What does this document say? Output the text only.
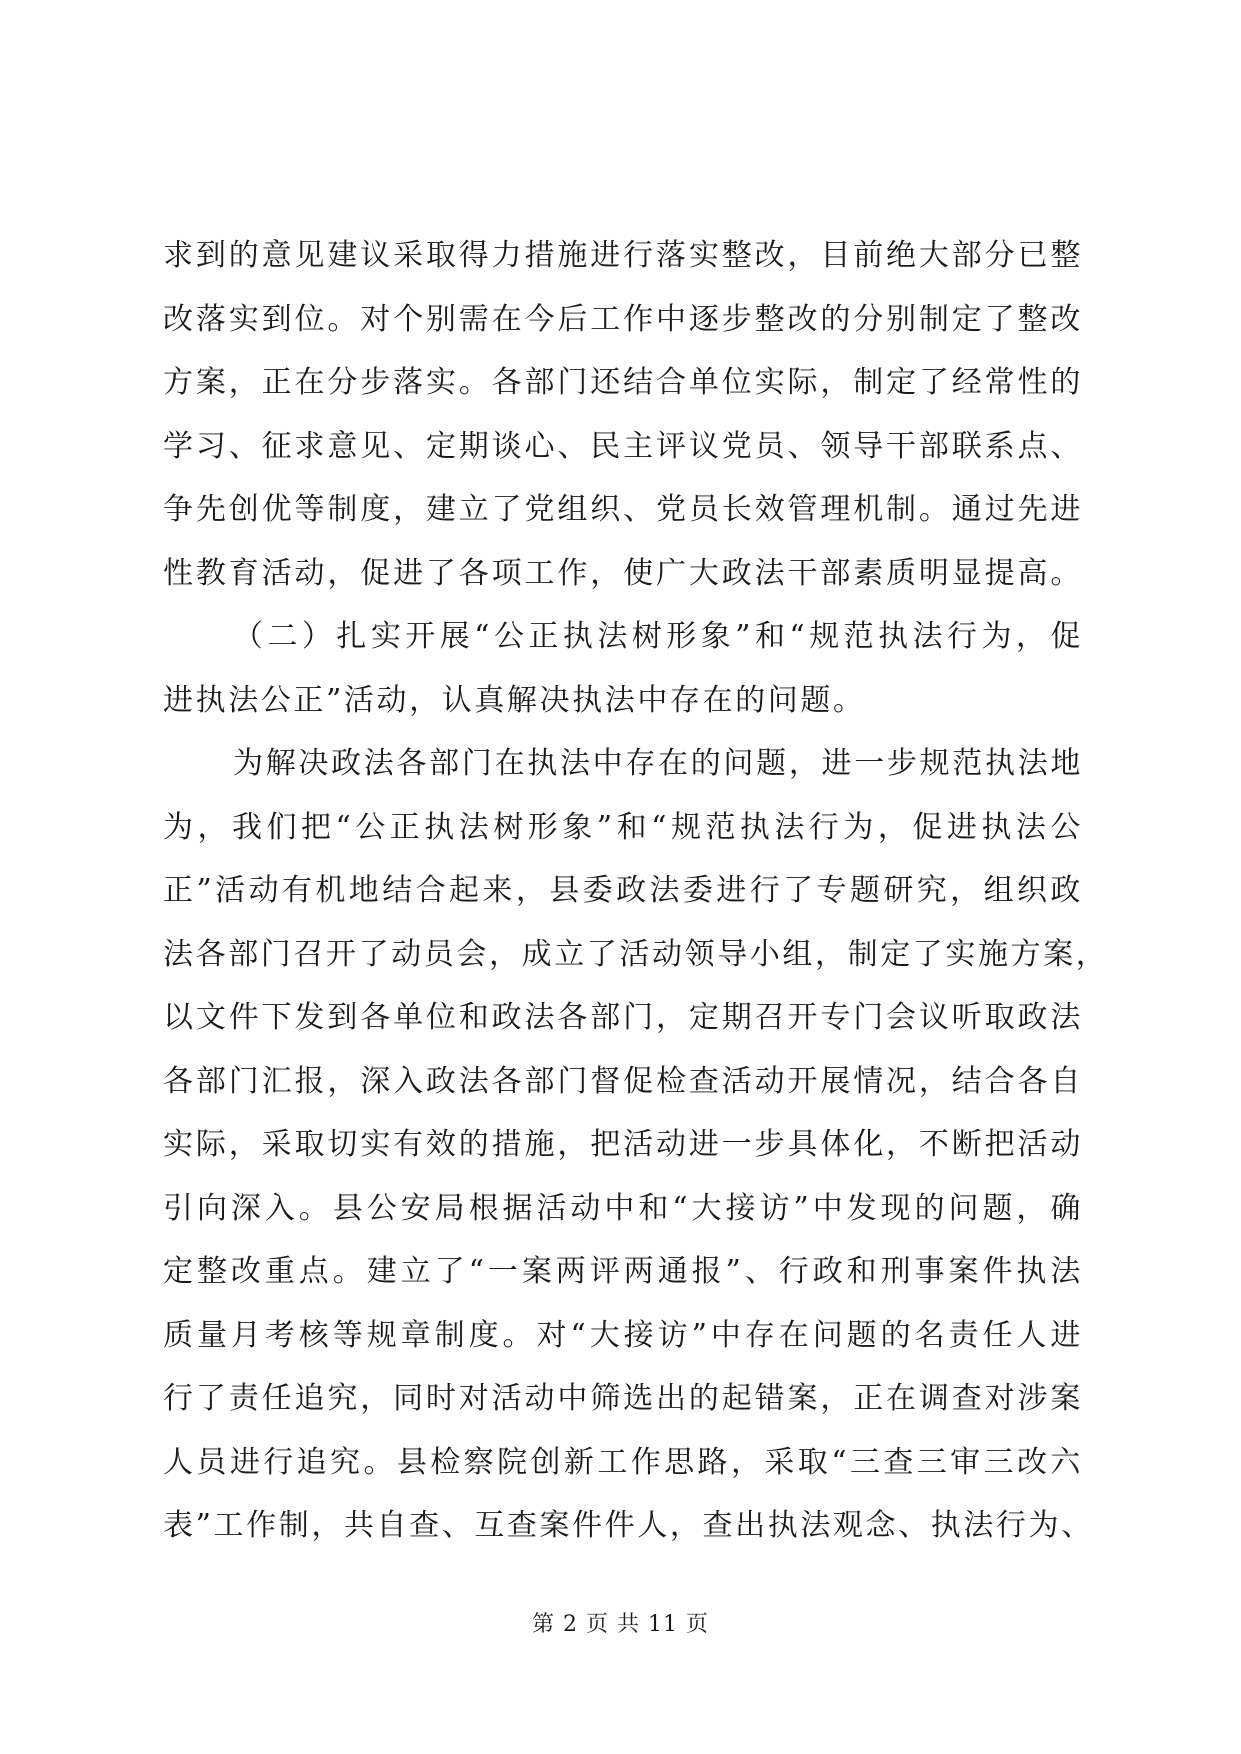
求到的意见建议采取得力措施进行落实整改，目前绝大部分已整
改落实到位。对个别需在今后工作中逐步整改的分别制定了整改
方案，正在分步落实。各部门还结合单位实际，制定了经常性的
学习、征求意见、定期谈心、民主评议党员、领导干部联系点、
争先创优等制度，建立了党组织、党员长效管理机制。通过先进
性教育活动，促进了各项工作，使广大政法干部素质明显提高。
（二）扎实开展“公正执法树形象”和“规范执法行为，促
进执法公正”活动，认真解决执法中存在的问题。
为解决政法各部门在执法中存在的问题，进一步规范执法地
为，我们把“公正执法树形象”和“规范执法行为，促进执法公
正”活动有机地结合起来，县委政法委进行了专题研究，组织政
法各部门召开了动员会，成立了活动领导小组，制定了实施方案，
以文件下发到各单位和政法各部门，定期召开专门会议听取政法
各部门汇报，深入政法各部门督促检查活动开展情况，结合各自
实际，采取切实有效的措施，把活动进一步具体化，不断把活动
引向深入。县公安局根据活动中和“大接访”中发现的问题，确
定整改重点。建立了“一案两评两通报”、行政和刑事案件执法
质量月考核等规章制度。对“大接访”中存在问题的名责任人进
行了责任追究，同时对活动中筛选出的起错案，正在调查对涉案
人员进行追究。县检察院创新工作思路，采取“三查三审三改六
表”工作制，共自查、互查案件件人，查出执法观念、执法行为、
第 2 页 共 11 页
